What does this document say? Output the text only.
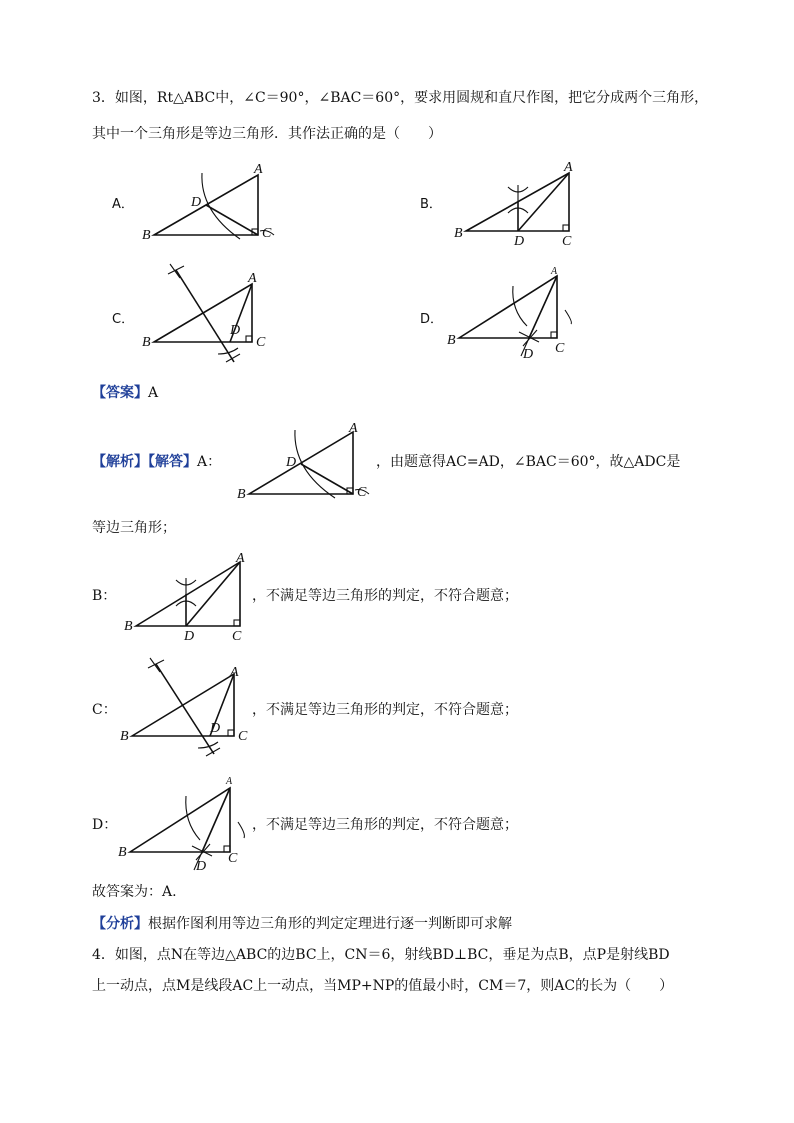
3．如图，Rt△ABC中，∠C＝90°，∠BAC＝60°，要求用圆规和直尺作图，把它分成两个三角形，
其中一个三角形是等边三角形．其作法正确的是（　　）
A．
A
B	C
D	B．
A
B
C
D
C．
A
B	C
D
D．
A
B
C
D
【答案】A
【解析】【解答】A：
A
B	C
D	，由题意得AC=AD，∠BAC＝60°，故△ADC是
等边三角形；
B：
A
B
C
D
，不满足等边三角形的判定，不符合题意；
C：
A
B	C
D
，不满足等边三角形的判定，不符合题意；
D：
A
B	C
D
，不满足等边三角形的判定，不符合题意；
故答案为：A.
【分析】根据作图利用等边三角形的判定定理进行逐一判断即可求解
4．如图，点N在等边△ABC的边BC上，CN＝6，射线BD⊥BC，垂足为点B，点P是射线BD
上一动点，点M是线段AC上一动点，当MP+NP的值最小时，CM＝7，则AC的长为（　　）
